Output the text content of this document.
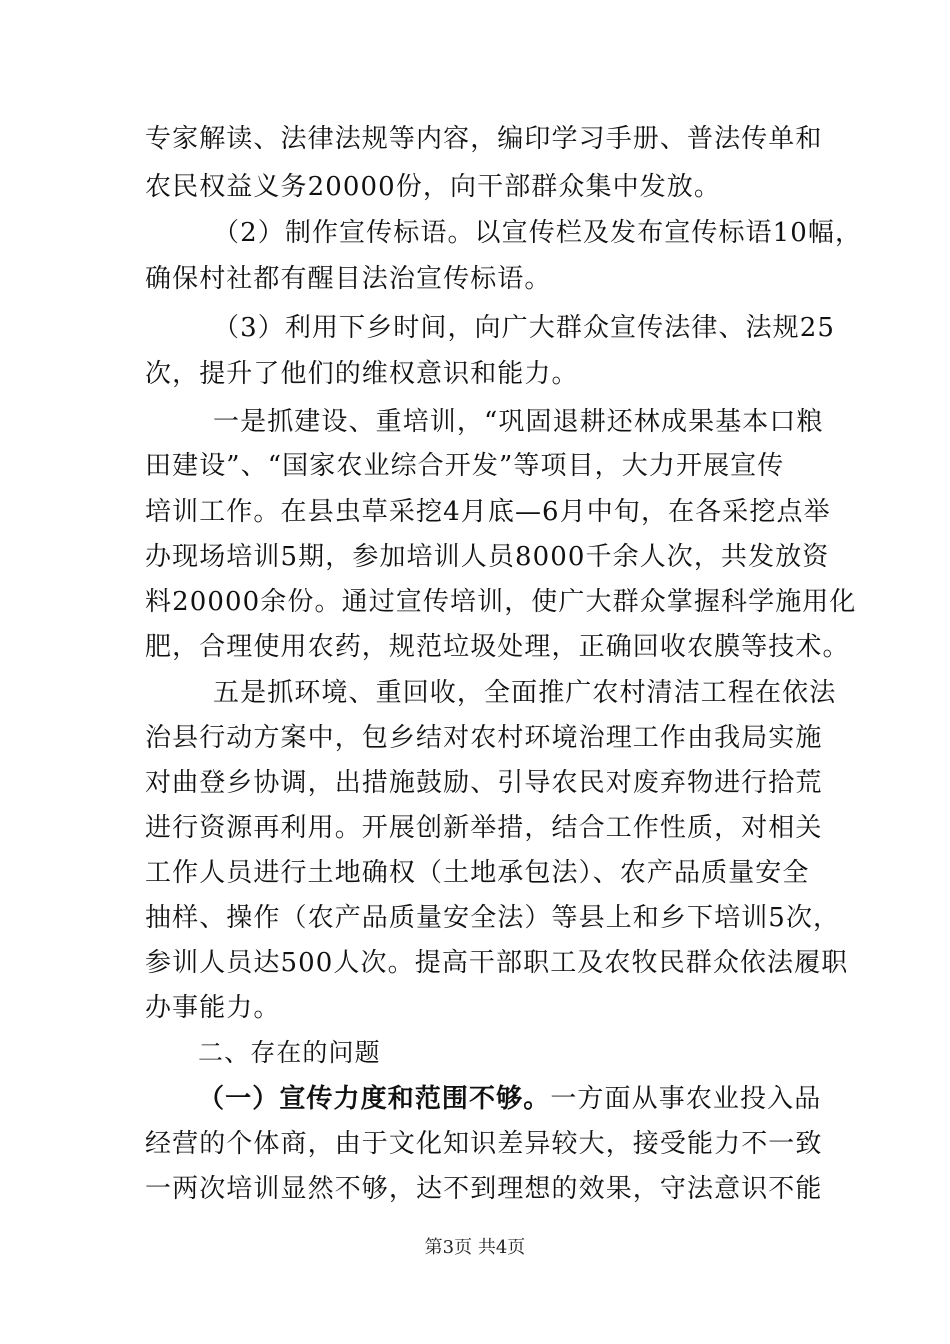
专家解读、法律法规等内容，编印学习手册、普法传单和
农民权益义务20000份，向干部群众集中发放。
（2）制作宣传标语。以宣传栏及发布宣传标语10幅，
确保村社都有醒目法治宣传标语。
（3）利用下乡时间，向广大群众宣传法律、法规25
次，提升了他们的维权意识和能力。
一是抓建设、重培训，“巩固退耕还林成果基本口粮
田建设”、“国家农业综合开发”等项目，大力开展宣传
培训工作。在县虫草采挖4月底—6月中旬，在各采挖点举
办现场培训5期，参加培训人员8000千余人次，共发放资
料20000余份。通过宣传培训，使广大群众掌握科学施用化
肥，合理使用农药，规范垃圾处理，正确回收农膜等技术。
五是抓环境、重回收，全面推广农村清洁工程在依法
治县行动方案中，包乡结对农村环境治理工作由我局实施
对曲登乡协调，出措施鼓励、引导农民对废弃物进行拾荒
进行资源再利用。开展创新举措，结合工作性质，对相关
工作人员进行土地确权（土地承包法）、农产品质量安全
抽样、操作（农产品质量安全法）等县上和乡下培训5次，
参训人员达500人次。提高干部职工及农牧民群众依法履职
办事能力。
二、存在的问题
（一）宣传力度和范围不够。一方面从事农业投入品
经营的个体商，由于文化知识差异较大，接受能力不一致
一两次培训显然不够，达不到理想的效果，守法意识不能
第3页 共4页
